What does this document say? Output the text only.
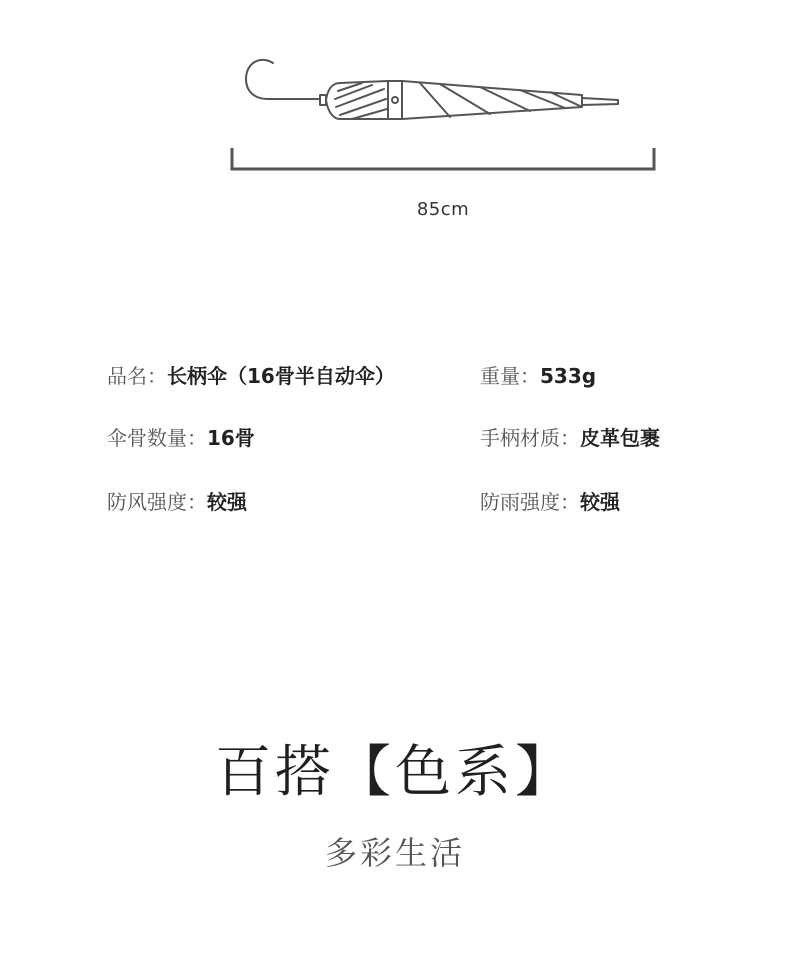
85cm
品名：长柄伞（16骨半自动伞）	重量：533g
伞骨数量：16骨	手柄材质：皮革包裹
防风强度：较强	防雨强度：较强
百搭【色系】
多彩生活
